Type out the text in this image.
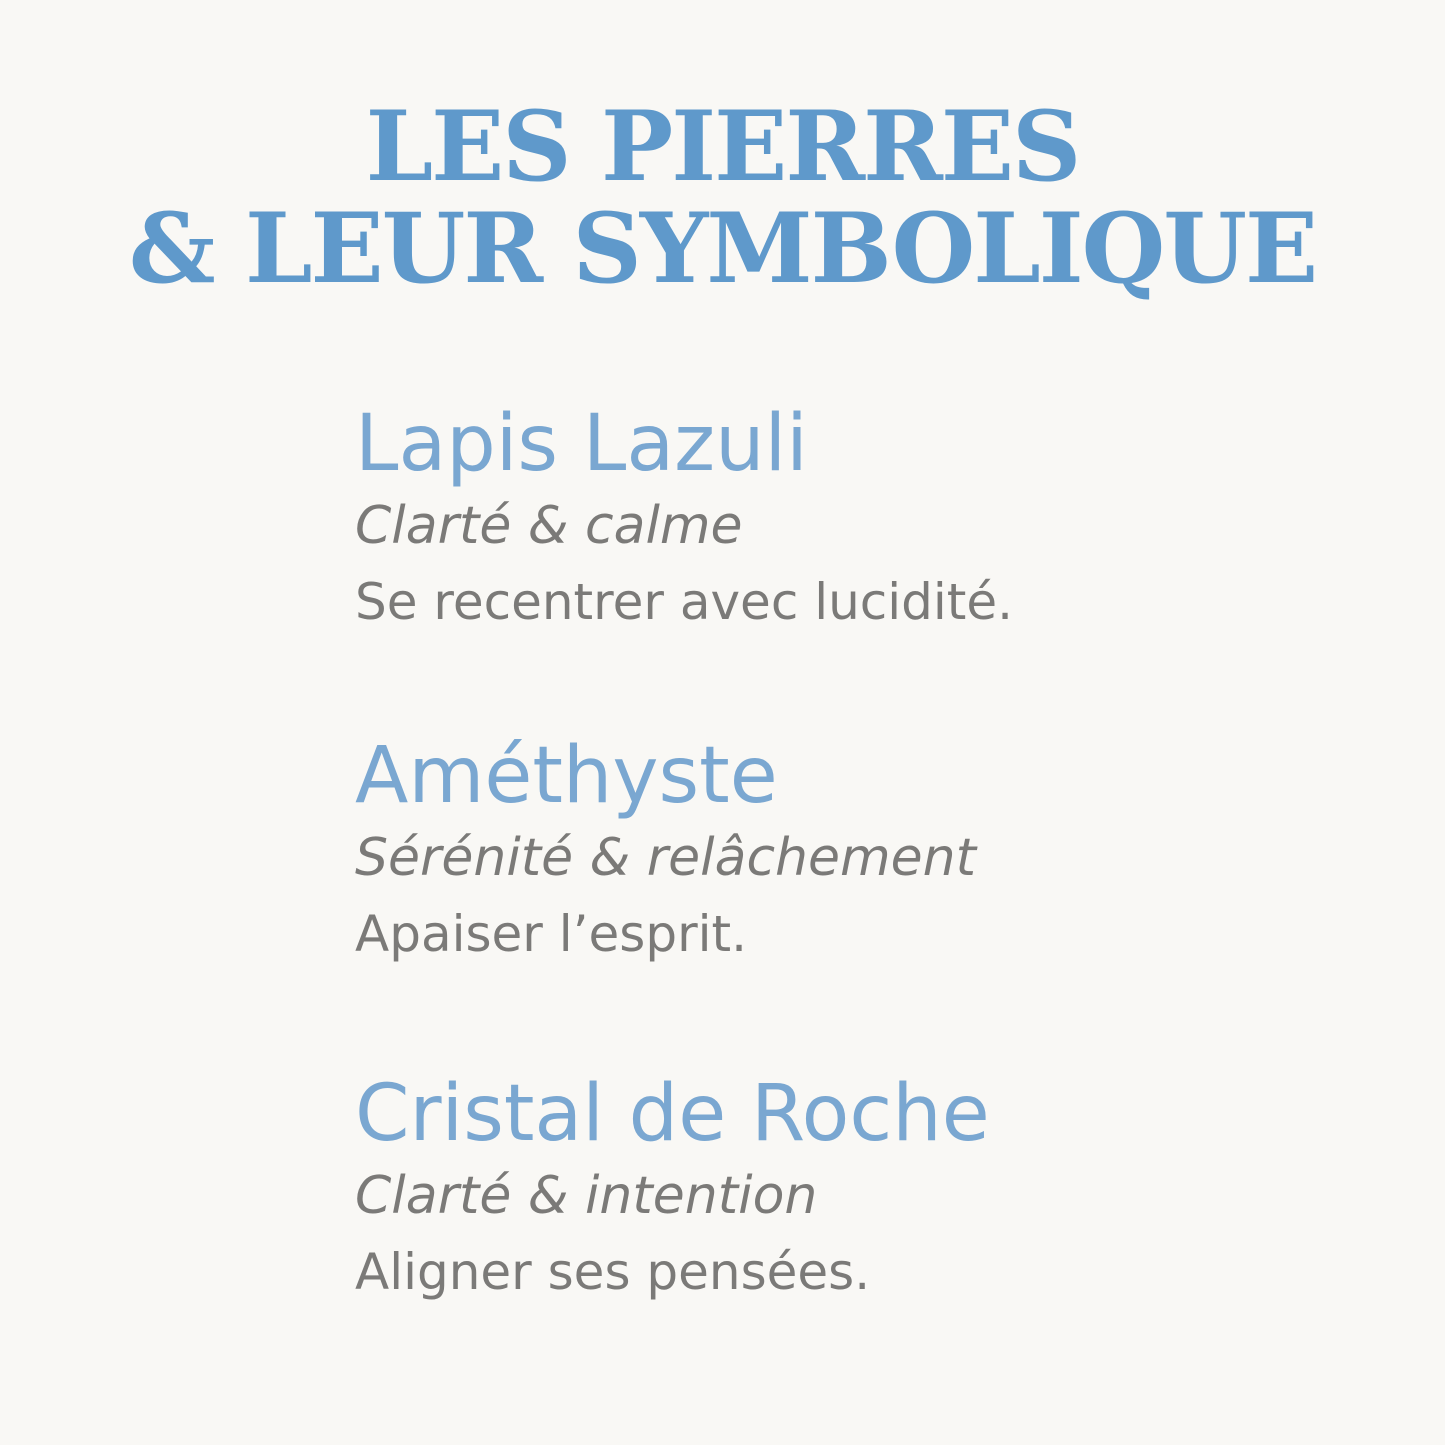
LES PIERRES
& LEUR SYMBOLIQUE
Lapis Lazuli

Clarté & calme

Se recentrer avec lucidité.

Améthyste

Sérénité & relâchement

Apaiser l’esprit.

Cristal de Roche

Clarté & intention

Aligner ses pensées.
